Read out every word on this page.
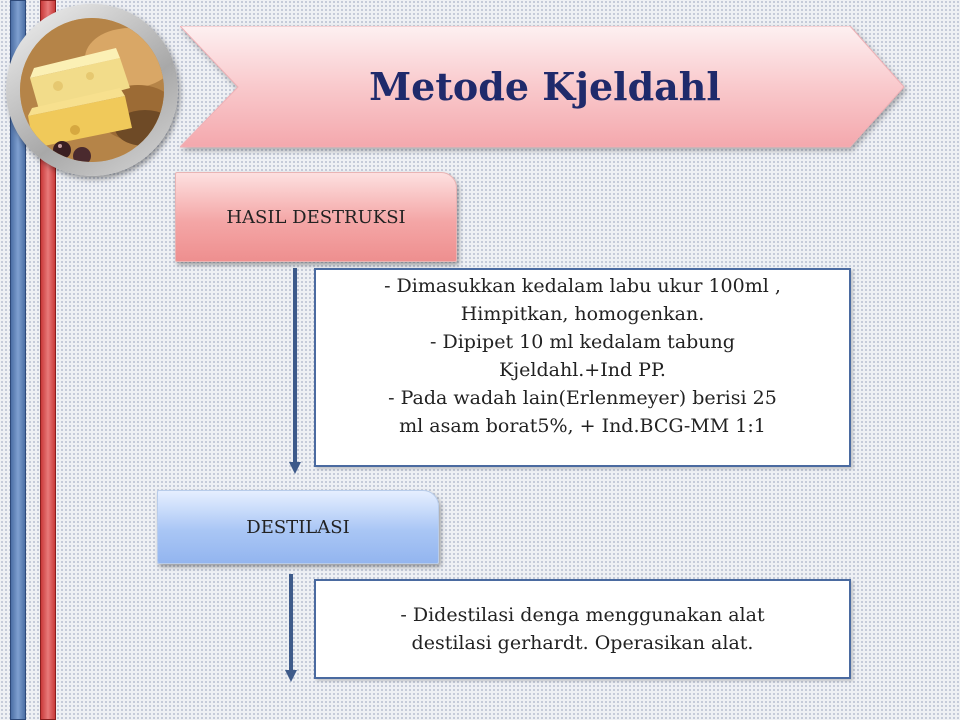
Metode Kjeldahl
HASIL DESTRUKSI
- Dimasukkan kedalam labu ukur 100ml ,
Himpitkan, homogenkan.
- Dipipet 10 ml kedalam tabung
Kjeldahl.+Ind PP.
- Pada wadah lain(Erlenmeyer) berisi 25
ml asam borat5%, + Ind.BCG-MM 1:1
DESTILASI
- Didestilasi denga menggunakan alat
destilasi gerhardt. Operasikan alat.
